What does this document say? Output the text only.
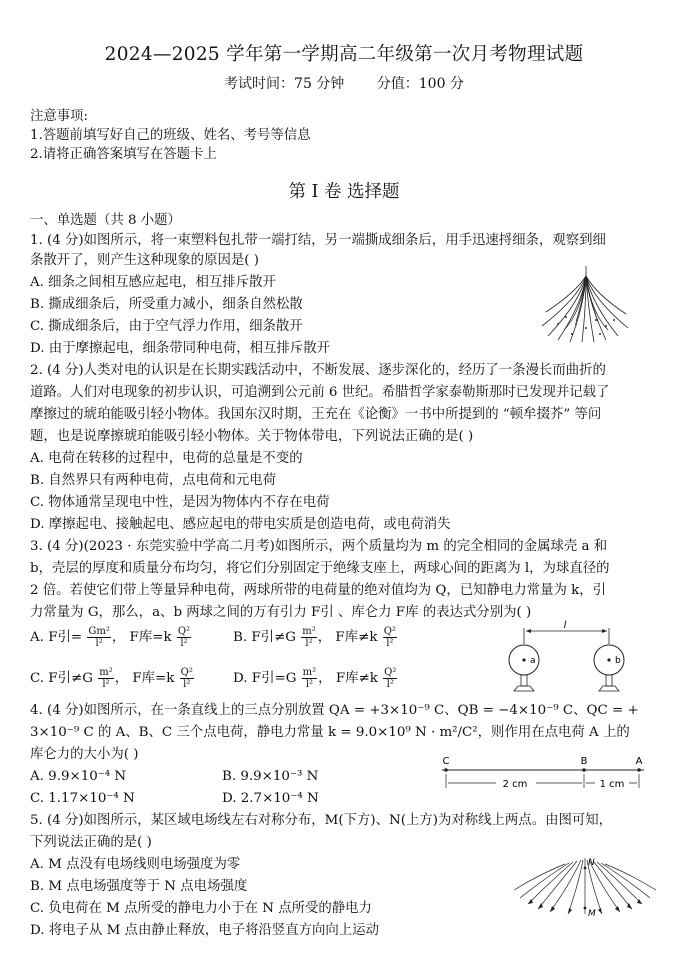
2024—2025 学年第一学期高二年级第一次月考物理试题
考试时间：75 分钟 分值：100 分
注意事项:
1.答题前填写好自己的班级、姓名、考号等信息
2.请将正确答案填写在答题卡上
第 I 卷 选择题
一、单选题（共 8 小题）
1. (4 分)如图所示，将一束塑料包扎带一端打结，另一端撕成细条后，用手迅速捋细条，观察到细
条散开了，则产生这种现象的原因是( )
A. 细条之间相互感应起电，相互排斥散开
B. 撕成细条后，所受重力减小，细条自然松散
C. 撕成细条后，由于空气浮力作用，细条散开
D. 由于摩擦起电，细条带同种电荷，相互排斥散开
2. (4 分)人类对电的认识是在长期实践活动中，不断发展、逐步深化的，经历了一条漫长而曲折的
道路。人们对电现象的初步认识，可追溯到公元前 6 世纪。希腊哲学家泰勒斯那时已发现并记载了
摩擦过的琥珀能吸引轻小物体。我国东汉时期，王充在《论衡》一书中所提到的 “顿牟掇芥” 等问
题，也是说摩擦琥珀能吸引轻小物体。关于物体带电，下列说法正确的是( )
A. 电荷在转移的过程中，电荷的总量是不变的
B. 自然界只有两种电荷，点电荷和元电荷
C. 物体通常呈现电中性，是因为物体内不存在电荷
D. 摩擦起电、接触起电、感应起电的带电实质是创造电荷，或电荷消失
3. (4 分)(2023 · 东莞实验中学高二月考)如图所示，两个质量均为 m 的完全相同的金属球壳 a 和
b，壳层的厚度和质量分布均匀，将它们分别固定于绝缘支座上，两球心间的距离为 l，为球直径的
2 倍。若使它们带上等量异种电荷，两球所带的电荷量的绝对值均为 Q，已知静电力常量为 k，引
力常量为 G，那么，a、b 两球之间的万有引力 F引 、库仑力 F库 的表达式分别为( )
A. F引= $\frac{\text{Gm²}}{\text{l²}}$ ， F库$=k \frac{\text{Q²}}{\text{l²}}$	B. F引$\ne G \frac{\text{m²}}{\text{l²}}$ ， F库$\ne k \frac{\text{Q²}}{\text{l²}}$
C. F引$\ne G \frac{\text{m²}}{\text{l²}}$ ， F库$=k \frac{\text{Q²}}{\text{l²}}$	D. F引$=G \frac{\text{m²}}{\text{l²}}$ ， F库$\ne k \frac{\text{Q²}}{\text{l²}}$
l
a	b
4. (4 分)如图所示，在一条直线上的三点分别放置 QA = +3×10⁻⁹ C、QB = −4×10⁻⁹ C、QC = +
3×10⁻⁹ C 的 A、B、C 三个点电荷，静电力常量 k = 9.0×10⁹ N · m²/C²，则作用在点电荷 A 上的
库仑力的大小为( )
A. 9.9×10⁻⁴ N	B. 9.9×10⁻³ N
C. 1.17×10⁻⁴ N	D. 2.7×10⁻⁴ N
C	B	A
2 cm	1 cm
5. (4 分)如图所示，某区域电场线左右对称分布，M(下方)、N(上方)为对称线上两点。由图可知，
下列说法正确的是( )
A. M 点没有电场线则电场强度为零
B. M 点电场强度等于 N 点电场强度
C. 负电荷在 M 点所受的静电力小于在 N 点所受的静电力
D. 将电子从 M 点由静止释放，电子将沿竖直方向向上运动
N
M
